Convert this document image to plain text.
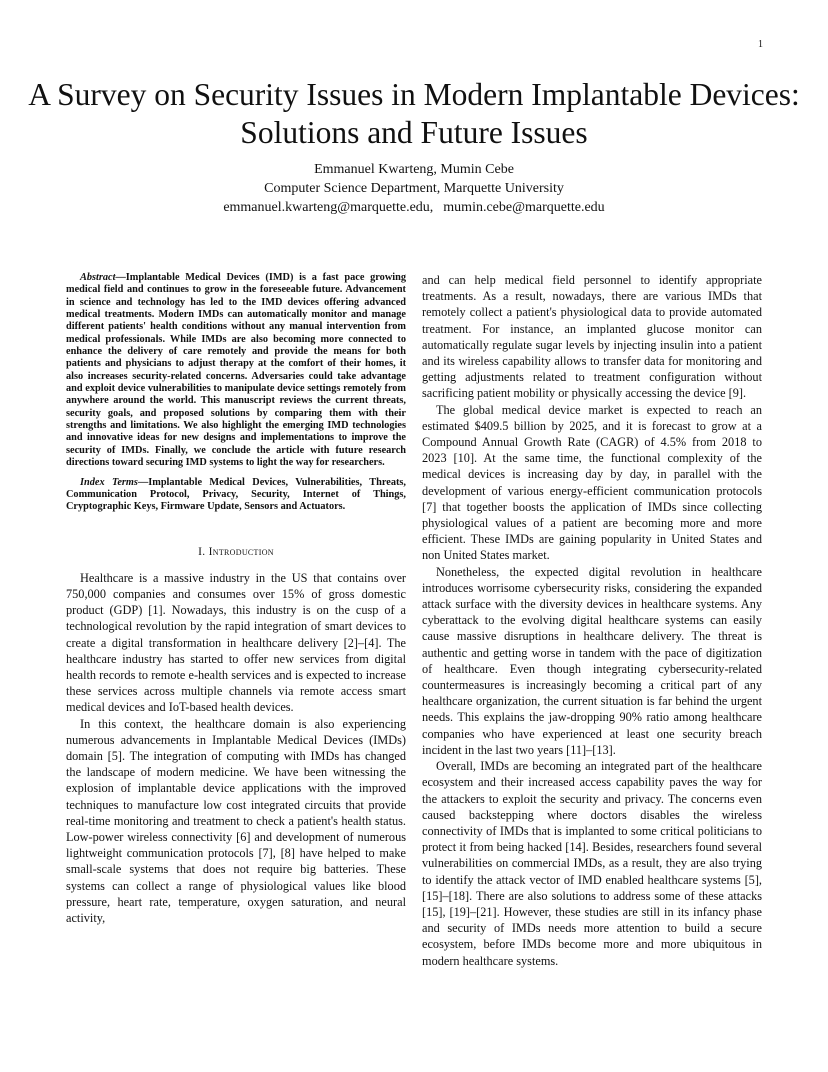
1
A Survey on Security Issues in Modern Implantable Devices: Solutions and Future Issues
Emmanuel Kwarteng, Mumin Cebe
Computer Science Department, Marquette University
emmanuel.kwarteng@marquette.edu, mumin.cebe@marquette.edu

Abstract—Implantable Medical Devices (IMD) is a fast pace growing medical field and continues to grow in the foreseeable future. Advancement in science and technology has led to the IMD devices offering advanced medical treatments. Modern IMDs can automatically monitor and manage different patients' health conditions without any manual intervention from medical professionals. While IMDs are also becoming more connected to enhance the delivery of care remotely and provide the means for both patients and physicians to adjust therapy at the comfort of their homes, it also increases security-related concerns. Adversaries could take advantage and exploit device vulnerabilities to manipulate device settings remotely from anywhere around the world. This manuscript reviews the current threats, security goals, and proposed solutions by comparing them with their strengths and limitations. We also highlight the emerging IMD technologies and innovative ideas for new designs and implementations to improve the security of IMDs. Finally, we conclude the article with future research directions toward securing IMD systems to light the way for researchers.

Index Terms—Implantable Medical Devices, Vulnerabilities, Threats, Communication Protocol, Privacy, Security, Internet of Things, Cryptographic Keys, Firmware Update, Sensors and Actuators.

I. Introduction

Healthcare is a massive industry in the US that contains over 750,000 companies and consumes over 15% of gross domestic product (GDP) [1]. Nowadays, this industry is on the cusp of a technological revolution by the rapid integration of smart devices to create a digital transformation in healthcare delivery [2]–[4]. The healthcare industry has started to offer new services from digital health records to remote e-health services and is expected to increase these services across multiple channels via remote access smart medical devices and IoT-based health devices.

In this context, the healthcare domain is also experiencing numerous advancements in Implantable Medical Devices (IMDs) domain [5]. The integration of computing with IMDs has changed the landscape of modern medicine. We have been witnessing the explosion of implantable device applications with the improved techniques to manufacture low cost integrated circuits that provide real-time monitoring and treatment to check a patient's health status. Low-power wireless connectivity [6] and development of numerous lightweight communication protocols [7], [8] have helped to make small-scale systems that does not require big batteries. These systems can collect a range of physiological values like blood pressure, heart rate, temperature, oxygen saturation, and neural activity,

and can help medical field personnel to identify appropriate treatments. As a result, nowadays, there are various IMDs that remotely collect a patient's physiological data to provide automated treatment. For instance, an implanted glucose monitor can automatically regulate sugar levels by injecting insulin into a patient and its wireless capability allows to transfer data for monitoring and getting adjustments related to treatment configuration without sacrificing patient mobility or physically accessing the device [9].

The global medical device market is expected to reach an estimated $409.5 billion by 2025, and it is forecast to grow at a Compound Annual Growth Rate (CAGR) of 4.5% from 2018 to 2023 [10]. At the same time, the functional complexity of the medical devices is increasing day by day, in parallel with the development of various energy-efficient communication protocols [7] that together boosts the application of IMDs since collecting physiological values of a patient are becoming more and more efficient. These IMDs are gaining popularity in United States and non United States market.

Nonetheless, the expected digital revolution in healthcare introduces worrisome cybersecurity risks, considering the expanded attack surface with the diversity devices in healthcare systems. Any cyberattack to the evolving digital healthcare systems can easily cause massive disruptions in healthcare delivery. The threat is authentic and getting worse in tandem with the pace of digitization of healthcare. Even though integrating cybersecurity-related countermeasures is increasingly becoming a critical part of any healthcare organization, the current situation is far behind the urgent needs. This explains the jaw-dropping 90% ratio among healthcare companies who have experienced at least one security breach incident in the last two years [11]–[13].

Overall, IMDs are becoming an integrated part of the healthcare ecosystem and their increased access capability paves the way for the attackers to exploit the security and privacy. The concerns even caused backstepping where doctors disables the wireless connectivity of IMDs that is implanted to some critical politicians to protect it from being hacked [14]. Besides, researchers found several vulnerabilities on commercial IMDs, as a result, they are also trying to identify the attack vector of IMD enabled healthcare systems [5], [15]–[18]. There are also solutions to address some of these attacks [15], [19]–[21]. However, these studies are still in its infancy phase and security of IMDs needs more attention to build a secure ecosystem, before IMDs become more and more ubiquitous in modern healthcare systems.
